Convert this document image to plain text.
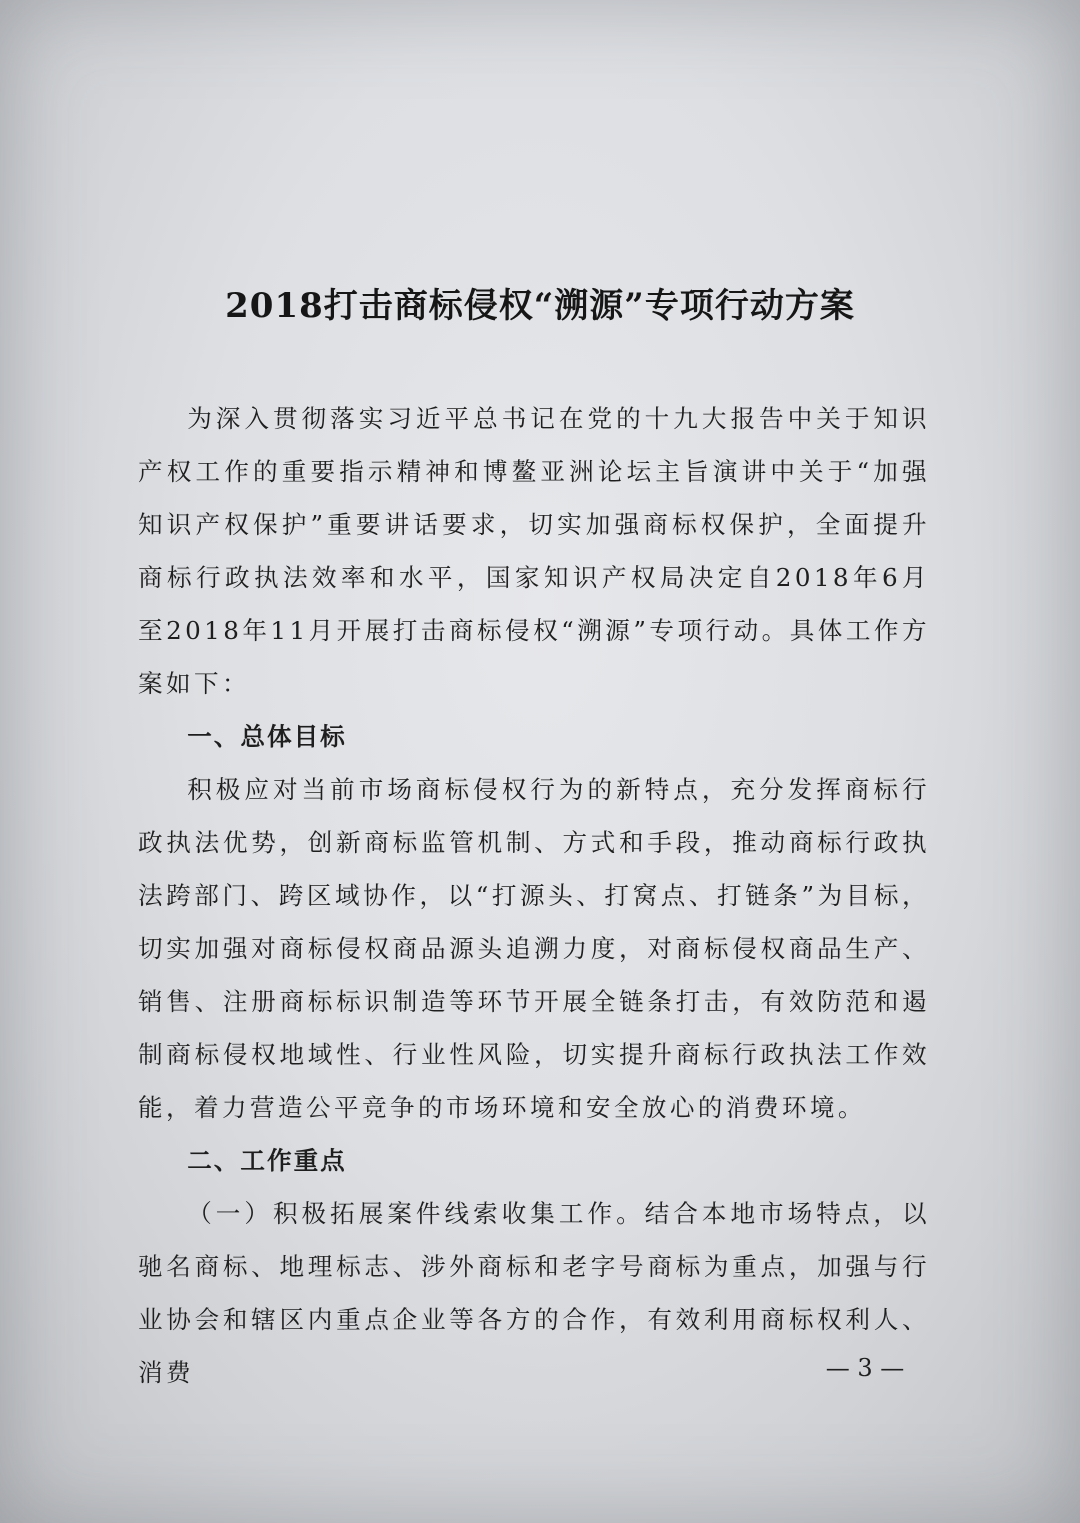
2018打击商标侵权“溯源”专项行动方案

为深入贯彻落实习近平总书记在党的十九大报告中关于知识产权工作的重要指示精神和博鳌亚洲论坛主旨演讲中关于“加强知识产权保护”重要讲话要求，切实加强商标权保护，全面提升商标行政执法效率和水平，国家知识产权局决定自2018年6月至2018年11月开展打击商标侵权“溯源”专项行动。具体工作方案如下：

一、总体目标

积极应对当前市场商标侵权行为的新特点，充分发挥商标行政执法优势，创新商标监管机制、方式和手段，推动商标行政执法跨部门、跨区域协作，以“打源头、打窝点、打链条”为目标，切实加强对商标侵权商品源头追溯力度，对商标侵权商品生产、销售、注册商标标识制造等环节开展全链条打击，有效防范和遏制商标侵权地域性、行业性风险，切实提升商标行政执法工作效能，着力营造公平竞争的市场环境和安全放心的消费环境。

二、工作重点

（一）积极拓展案件线索收集工作。结合本地市场特点，以驰名商标、地理标志、涉外商标和老字号商标为重点，加强与行业协会和辖区内重点企业等各方的合作，有效利用商标权利人、消费	— 3 —
